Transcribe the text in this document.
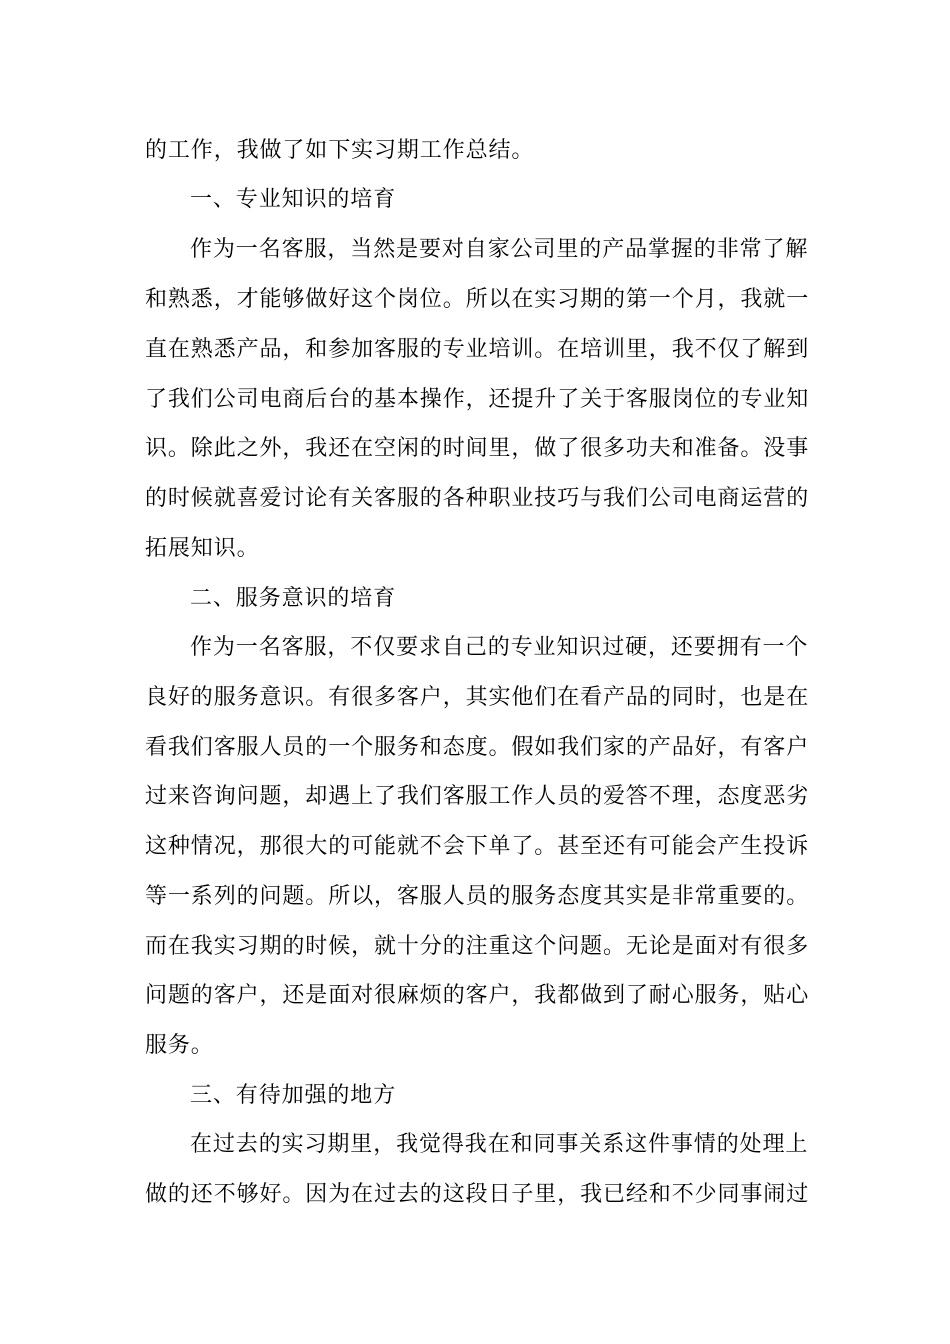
的工作，我做了如下实习期工作总结。
一、专业知识的培育
作为一名客服，当然是要对自家公司里的产品掌握的非常了解
和熟悉，才能够做好这个岗位。所以在实习期的第一个月，我就一
直在熟悉产品，和参加客服的专业培训。在培训里，我不仅了解到
了我们公司电商后台的基本操作，还提升了关于客服岗位的专业知
识。除此之外，我还在空闲的时间里，做了很多功夫和准备。没事
的时候就喜爱讨论有关客服的各种职业技巧与我们公司电商运营的
拓展知识。
二、服务意识的培育
作为一名客服，不仅要求自己的专业知识过硬，还要拥有一个
良好的服务意识。有很多客户，其实他们在看产品的同时，也是在
看我们客服人员的一个服务和态度。假如我们家的产品好，有客户
过来咨询问题，却遇上了我们客服工作人员的爱答不理，态度恶劣
这种情况，那很大的可能就不会下单了。甚至还有可能会产生投诉
等一系列的问题。所以，客服人员的服务态度其实是非常重要的。
而在我实习期的时候，就十分的注重这个问题。无论是面对有很多
问题的客户，还是面对很麻烦的客户，我都做到了耐心服务，贴心
服务。
三、有待加强的地方
在过去的实习期里，我觉得我在和同事关系这件事情的处理上
做的还不够好。因为在过去的这段日子里，我已经和不少同事闹过
